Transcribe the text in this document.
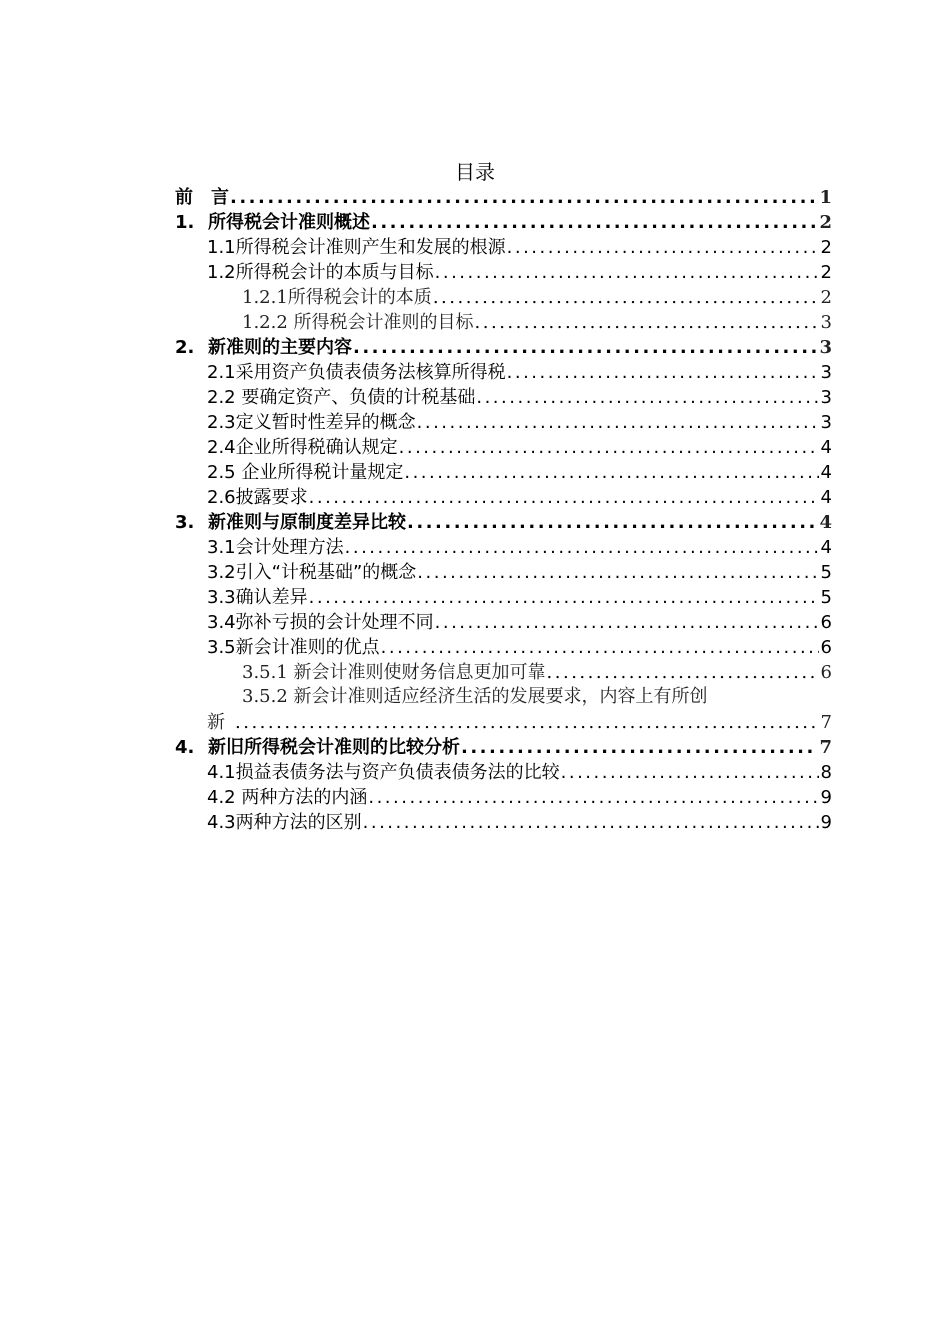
目录
前　言 .....	1
1. 所得税会计准则概述 .....	2
1.1所得税会计准则产生和发展的根源 .....	2
1.2所得税会计的本质与目标 .....	2
1.2.1所得税会计的本质 .....	2
1.2.2 所得税会计准则的目标 .....	3
2. 新准则的主要内容 .....	3
2.1采用资产负债表债务法核算所得税 .....	3
2.2 要确定资产、负债的计税基础 .....	3
2.3定义暂时性差异的概念 .....	3
2.4企业所得税确认规定 .....	4
2.5 企业所得税计量规定 .....	4
2.6披露要求 .....	4
3. 新准则与原制度差异比较 .....	4
3.1会计处理方法 .....	4
3.2引入“计税基础”的概念 .....	5
3.3确认差异 .....	5
3.4弥补亏损的会计处理不同 .....	6
3.5新会计准则的优点 .....	6
3.5.1 新会计准则使财务信息更加可靠 .....	6
3.5.2 新会计准则适应经济生活的发展要求，内容上有所创
新 .....	7
4. 新旧所得税会计准则的比较分析 .....	7
4.1损益表债务法与资产负债表债务法的比较 .....	8
4.2 两种方法的内涵 .....	9
4.3两种方法的区别 .....	9
